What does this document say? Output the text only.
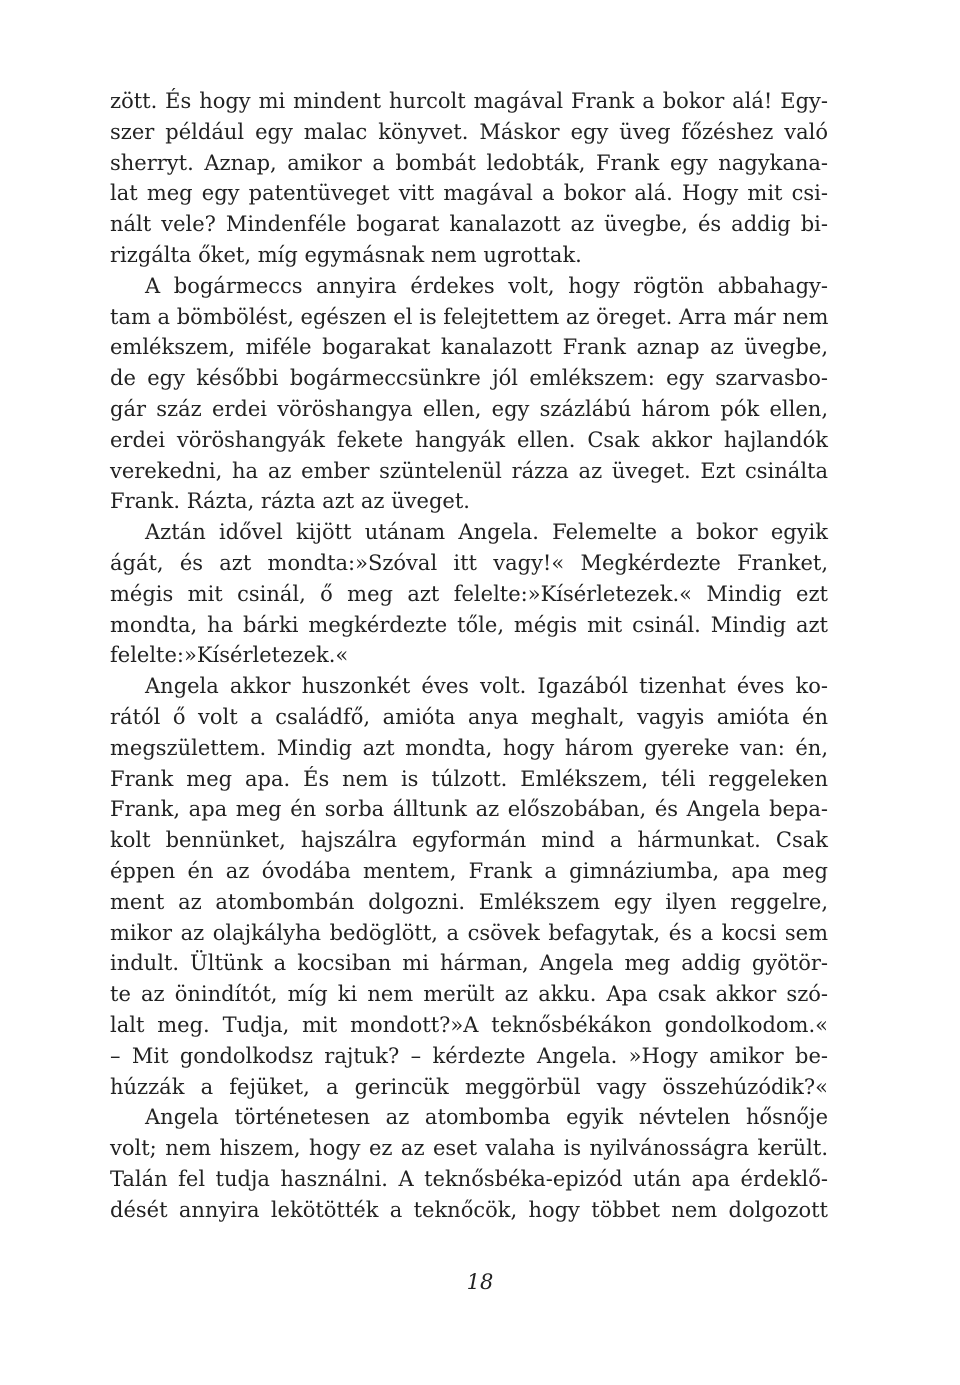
zött. És hogy mi mindent hurcolt magával Frank a bokor alá! Egy-
szer például egy malac könyvet. Máskor egy üveg főzéshez való
sherryt. Aznap, amikor a bombát ledobták, Frank egy nagykana-
lat meg egy patentüveget vitt magával a bokor alá. Hogy mit csi-
nált vele? Mindenféle bogarat kanalazott az üvegbe, és addig bi-
rizgálta őket, míg egymásnak nem ugrottak.
A bogármeccs annyira érdekes volt, hogy rögtön abbahagy-
tam a bömbölést, egészen el is felejtettem az öreget. Arra már nem
emlékszem, miféle bogarakat kanalazott Frank aznap az üvegbe,
de egy későbbi bogármeccsünkre jól emlékszem: egy szarvasbo-
gár száz erdei vöröshangya ellen, egy százlábú három pók ellen,
erdei vöröshangyák fekete hangyák ellen. Csak akkor hajlandók
verekedni, ha az ember szüntelenül rázza az üveget. Ezt csinálta
Frank. Rázta, rázta azt az üveget.
Aztán idővel kijött utánam Angela. Felemelte a bokor egyik
ágát, és azt mondta:»Szóval itt vagy!« Megkérdezte Franket,
mégis mit csinál, ő meg azt felelte:»Kísérletezek.« Mindig ezt
mondta, ha bárki megkérdezte tőle, mégis mit csinál. Mindig azt
felelte:»Kísérletezek.«
Angela akkor huszonkét éves volt. Igazából tizenhat éves ko-
rától ő volt a családfő, amióta anya meghalt, vagyis amióta én
megszülettem. Mindig azt mondta, hogy három gyereke van: én,
Frank meg apa. És nem is túlzott. Emlékszem, téli reggeleken
Frank, apa meg én sorba álltunk az előszobában, és Angela bepa-
kolt bennünket, hajszálra egyformán mind a hármunkat. Csak
éppen én az óvodába mentem, Frank a gimnáziumba, apa meg
ment az atombombán dolgozni. Emlékszem egy ilyen reggelre,
mikor az olajkályha bedöglött, a csövek befagytak, és a kocsi sem
indult. Ültünk a kocsiban mi hárman, Angela meg addig gyötör-
te az önindítót, míg ki nem merült az akku. Apa csak akkor szó-
lalt meg. Tudja, mit mondott?»A teknősbékákon gondolkodom.«
– Mit gondolkodsz rajtuk? – kérdezte Angela. »Hogy amikor be-
húzzák a fejüket, a gerincük meggörbül vagy összehúzódik?«
Angela történetesen az atombomba egyik névtelen hősnője
volt; nem hiszem, hogy ez az eset valaha is nyilvánosságra került.
Talán fel tudja használni. A teknősbéka-epizód után apa érdeklő-
dését annyira lekötötték a teknőcök, hogy többet nem dolgozott
18
